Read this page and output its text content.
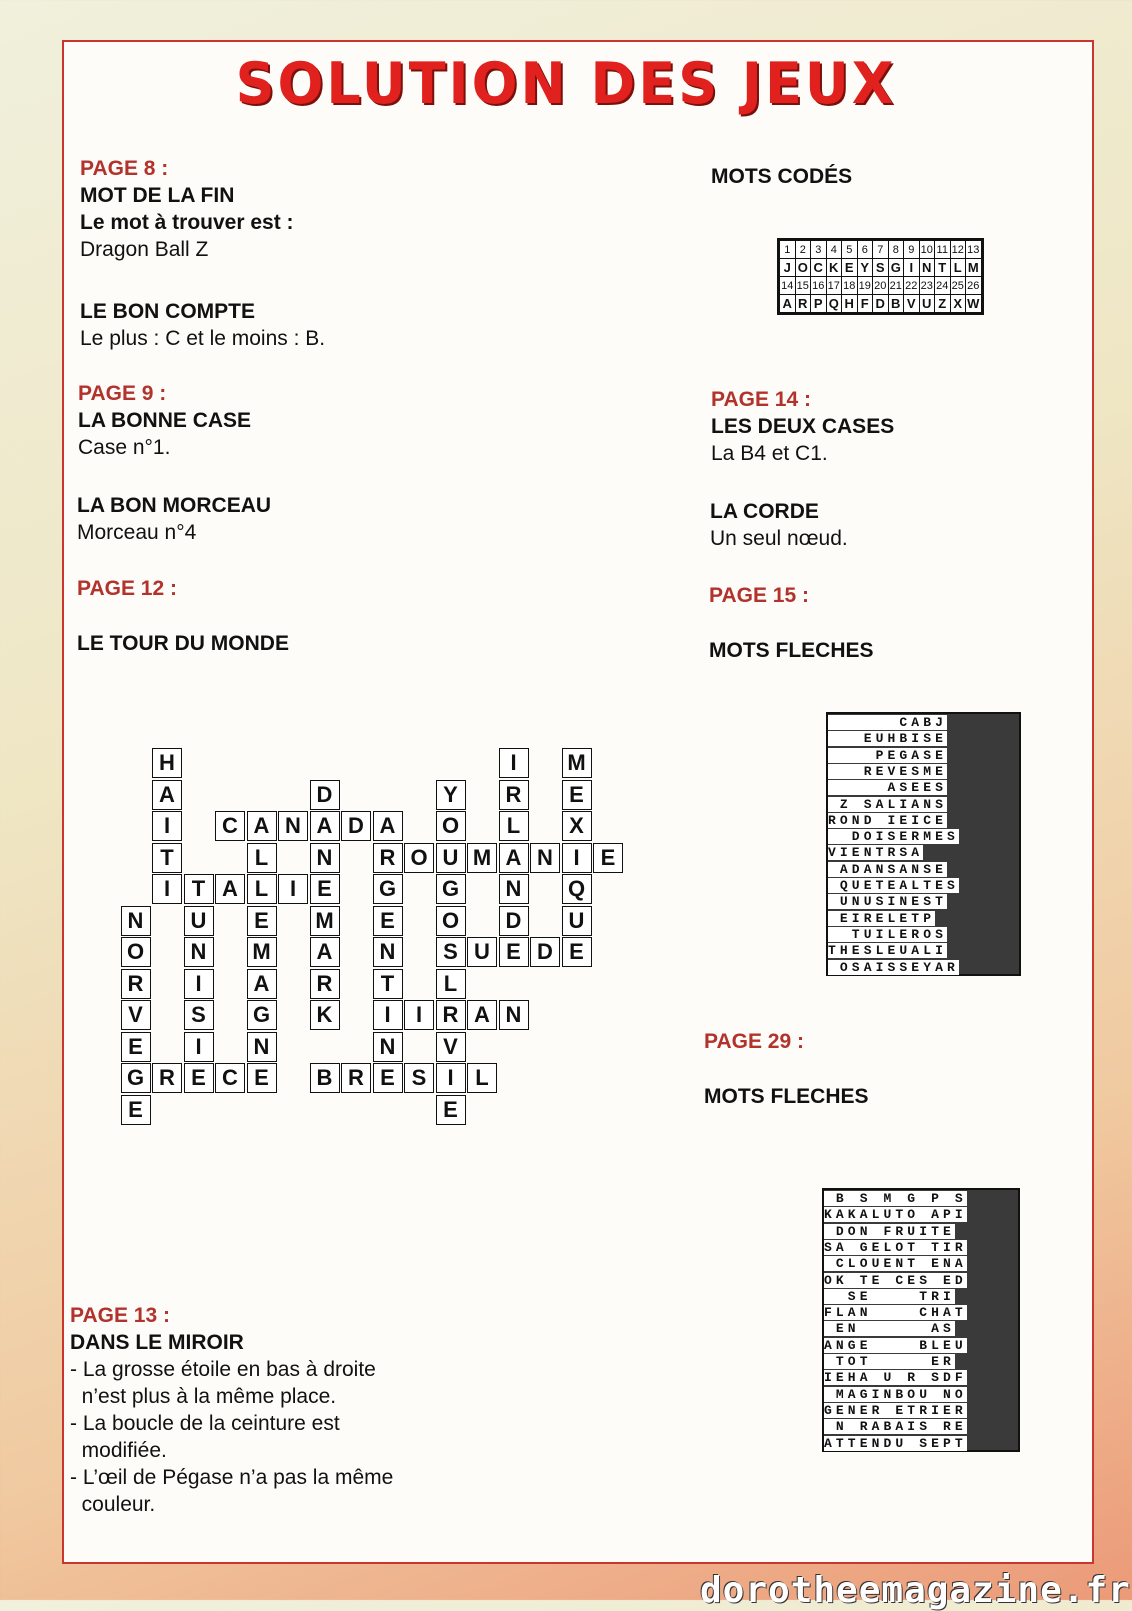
SOLUTION DES JEUX
PAGE 8 :
MOT DE LA FIN
Le mot à trouver est :
Dragon Ball Z
LE BON COMPTE
Le plus : C et le moins : B.
PAGE 9 :
LA BONNE CASE
Case n°1.
LA BON MORCEAU
Morceau n°4
PAGE 12 :
LE TOUR DU MONDE
H
A
I
T
I T A L I E
U
N
I
S
I
E
C A N A D A
L
E
M
A
G
N
E
D
N
M
A
R
K
R
G
E
N
T
I
N
E
O U M A N I E
Y
O
G
O
S
L
R
V
I
E
I
R
L
N
D
E
M
E
X
Q
U
E
U	D
N
O
R
V
E
G
E
R	C	B R	S	L
I	A N
PAGE 13 :
DANS LE MIROIR
- La grosse étoile en bas à droite
n’est plus à la même place.
- La boucle de la ceinture est
modifiée.
- L’œil de Pégase n’a pas la même
couleur.
MOTS CODÉS
1	2	3	4	5	6	7	8	9	10	11	12	13
J	O	C	K	E	Y	S	G	I	N	T	L	M
14	15	16	17	18	19	20	21	22	23	24	25	26
A	R	P	Q	H	F	D	B	V	U	Z	X	W
PAGE 14 :
LES DEUX CASES
La B4 et C1.
LA CORDE
Un seul nœud.
PAGE 15 :
MOTS FLECHES
CABJ
EUHBISE
PEGASE
REVESME
ASEES
Z SALIANS
ROND IEICE
DOISERMES
VIENTRSA
ADANSANSE
QUETEALTES
UNUSINEST
EIRELETP
TUILEROS
THESLEUALI
OSAISSEYAR
PAGE 29 :
MOTS FLECHES
B S M G P S
KAKALUTO API
DON FRUITE
SA GELOT TIR
CLOUENT ENA
OK TE CES ED
SE    TRI
FLAN    CHAT
EN      AS
ANGE    BLEU
TOT     ER
IEHA U R SDF
MAGINBOU NO
GENER ETRIER
N RABAIS RE
ATTENDU SEPT
dorotheemagazine.fr
